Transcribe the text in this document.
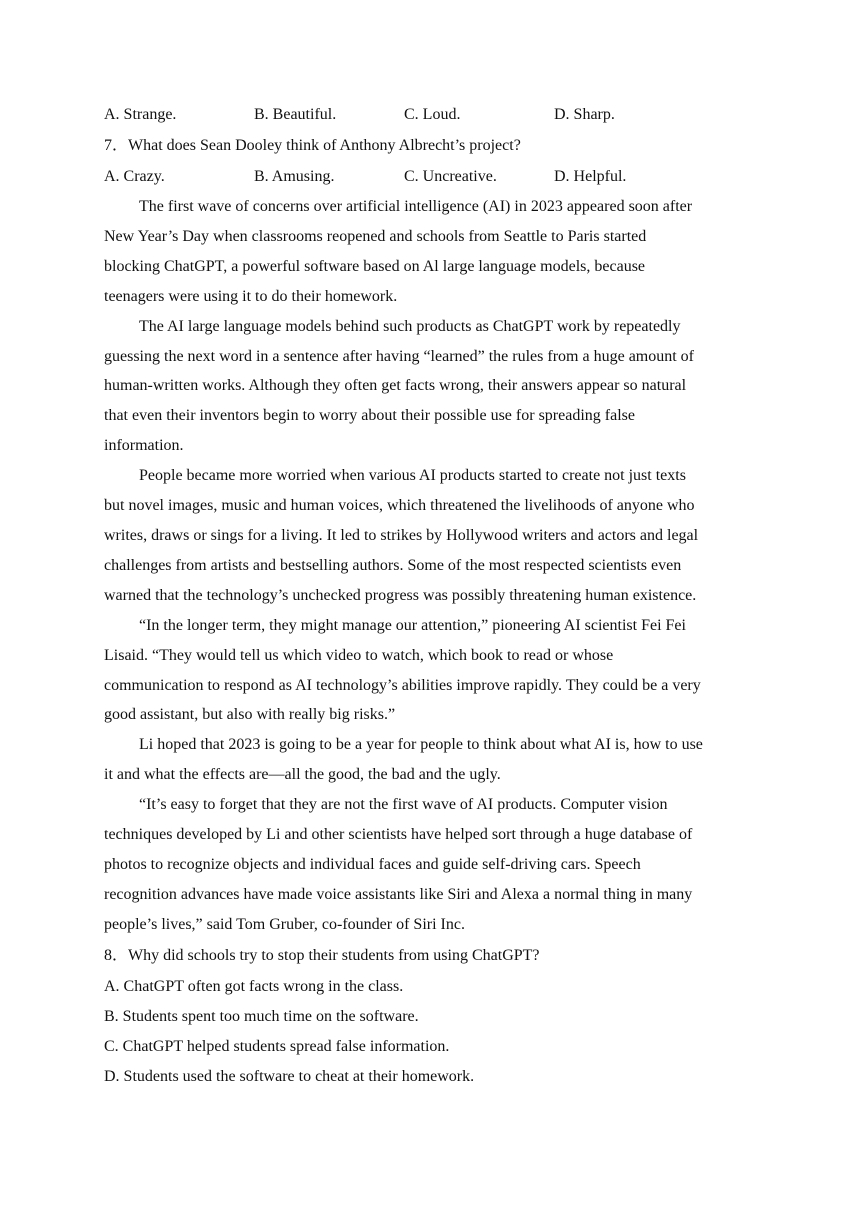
A. Strange.	B. Beautiful.	C. Loud.	D. Sharp.
7．What does Sean Dooley think of Anthony Albrecht’s project?
A. Crazy.	B. Amusing.	C. Uncreative.	D. Helpful.
The first wave of concerns over artificial intelligence (AI) in 2023 appeared soon after
New Year’s Day when classrooms reopened and schools from Seattle to Paris started
blocking ChatGPT, a powerful software based on Al large language models, because
teenagers were using it to do their homework.
The AI large language models behind such products as ChatGPT work by repeatedly
guessing the next word in a sentence after having “learned” the rules from a huge amount of
human-written works. Although they often get facts wrong, their answers appear so natural
that even their inventors begin to worry about their possible use for spreading false
information.
People became more worried when various AI products started to create not just texts
but novel images, music and human voices, which threatened the livelihoods of anyone who
writes, draws or sings for a living. It led to strikes by Hollywood writers and actors and legal
challenges from artists and bestselling authors. Some of the most respected scientists even
warned that the technology’s unchecked progress was possibly threatening human existence.
“In the longer term, they might manage our attention,” pioneering AI scientist Fei Fei
Lisaid. “They would tell us which video to watch, which book to read or whose
communication to respond as AI technology’s abilities improve rapidly. They could be a very
good assistant, but also with really big risks.”
Li hoped that 2023 is going to be a year for people to think about what AI is, how to use
it and what the effects are—all the good, the bad and the ugly.
“It’s easy to forget that they are not the first wave of AI products. Computer vision
techniques developed by Li and other scientists have helped sort through a huge database of
photos to recognize objects and individual faces and guide self-driving cars. Speech
recognition advances have made voice assistants like Siri and Alexa a normal thing in many
people’s lives,” said Tom Gruber, co-founder of Siri Inc.
8．Why did schools try to stop their students from using ChatGPT?
A. ChatGPT often got facts wrong in the class.
B. Students spent too much time on the software.
C. ChatGPT helped students spread false information.
D. Students used the software to cheat at their homework.
